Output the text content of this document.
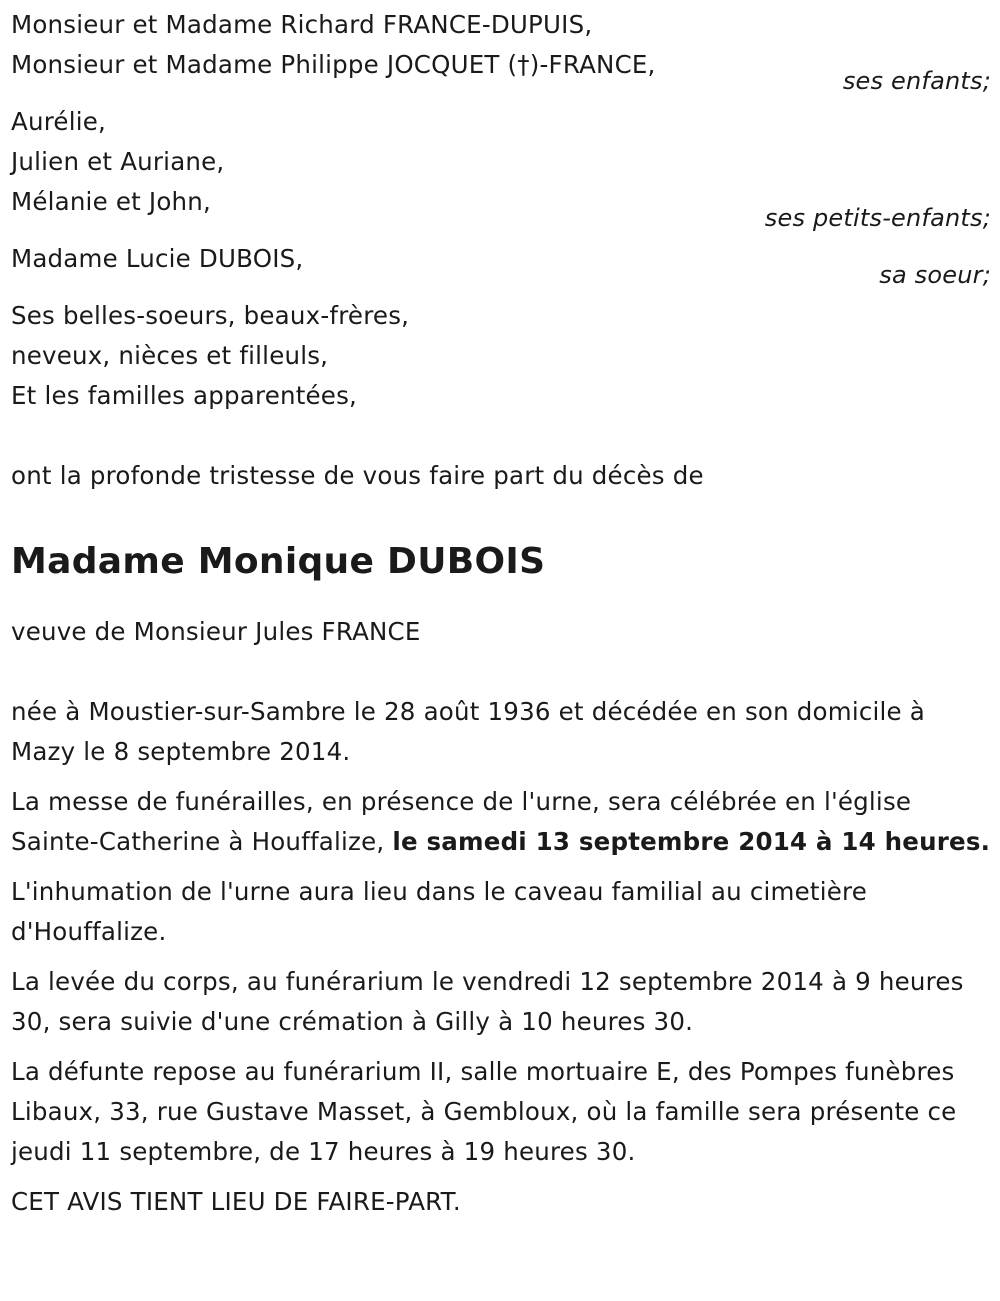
Monsieur et Madame Richard FRANCE-DUPUIS,
Monsieur et Madame Philippe JOCQUET (†)-FRANCE,
ses enfants;
Aurélie,
Julien et Auriane,
Mélanie et John,
ses petits-enfants;
Madame Lucie DUBOIS,
sa soeur;
Ses belles-soeurs, beaux-frères,
neveux, nièces et filleuls,
Et les familles apparentées,
ont la profonde tristesse de vous faire part du décès de
Madame Monique DUBOIS
veuve de Monsieur Jules FRANCE
née à Moustier-sur-Sambre le 28 août 1936 et décédée en son domicile à Mazy le 8 septembre 2014.
La messe de funérailles, en présence de l'urne, sera célébrée en l'église Sainte-Catherine à Houffalize, le samedi 13 septembre 2014 à 14 heures.
L'inhumation de l'urne aura lieu dans le caveau familial au cimetière d'Houffalize.
La levée du corps, au funérarium le vendredi 12 septembre 2014 à 9 heures 30, sera suivie d'une crémation à Gilly à 10 heures 30.
La défunte repose au funérarium II, salle mortuaire E, des Pompes funèbres Libaux, 33, rue Gustave Masset, à Gembloux, où la famille sera présente ce jeudi 11 septembre, de 17 heures à 19 heures 30.
CET AVIS TIENT LIEU DE FAIRE-PART.
